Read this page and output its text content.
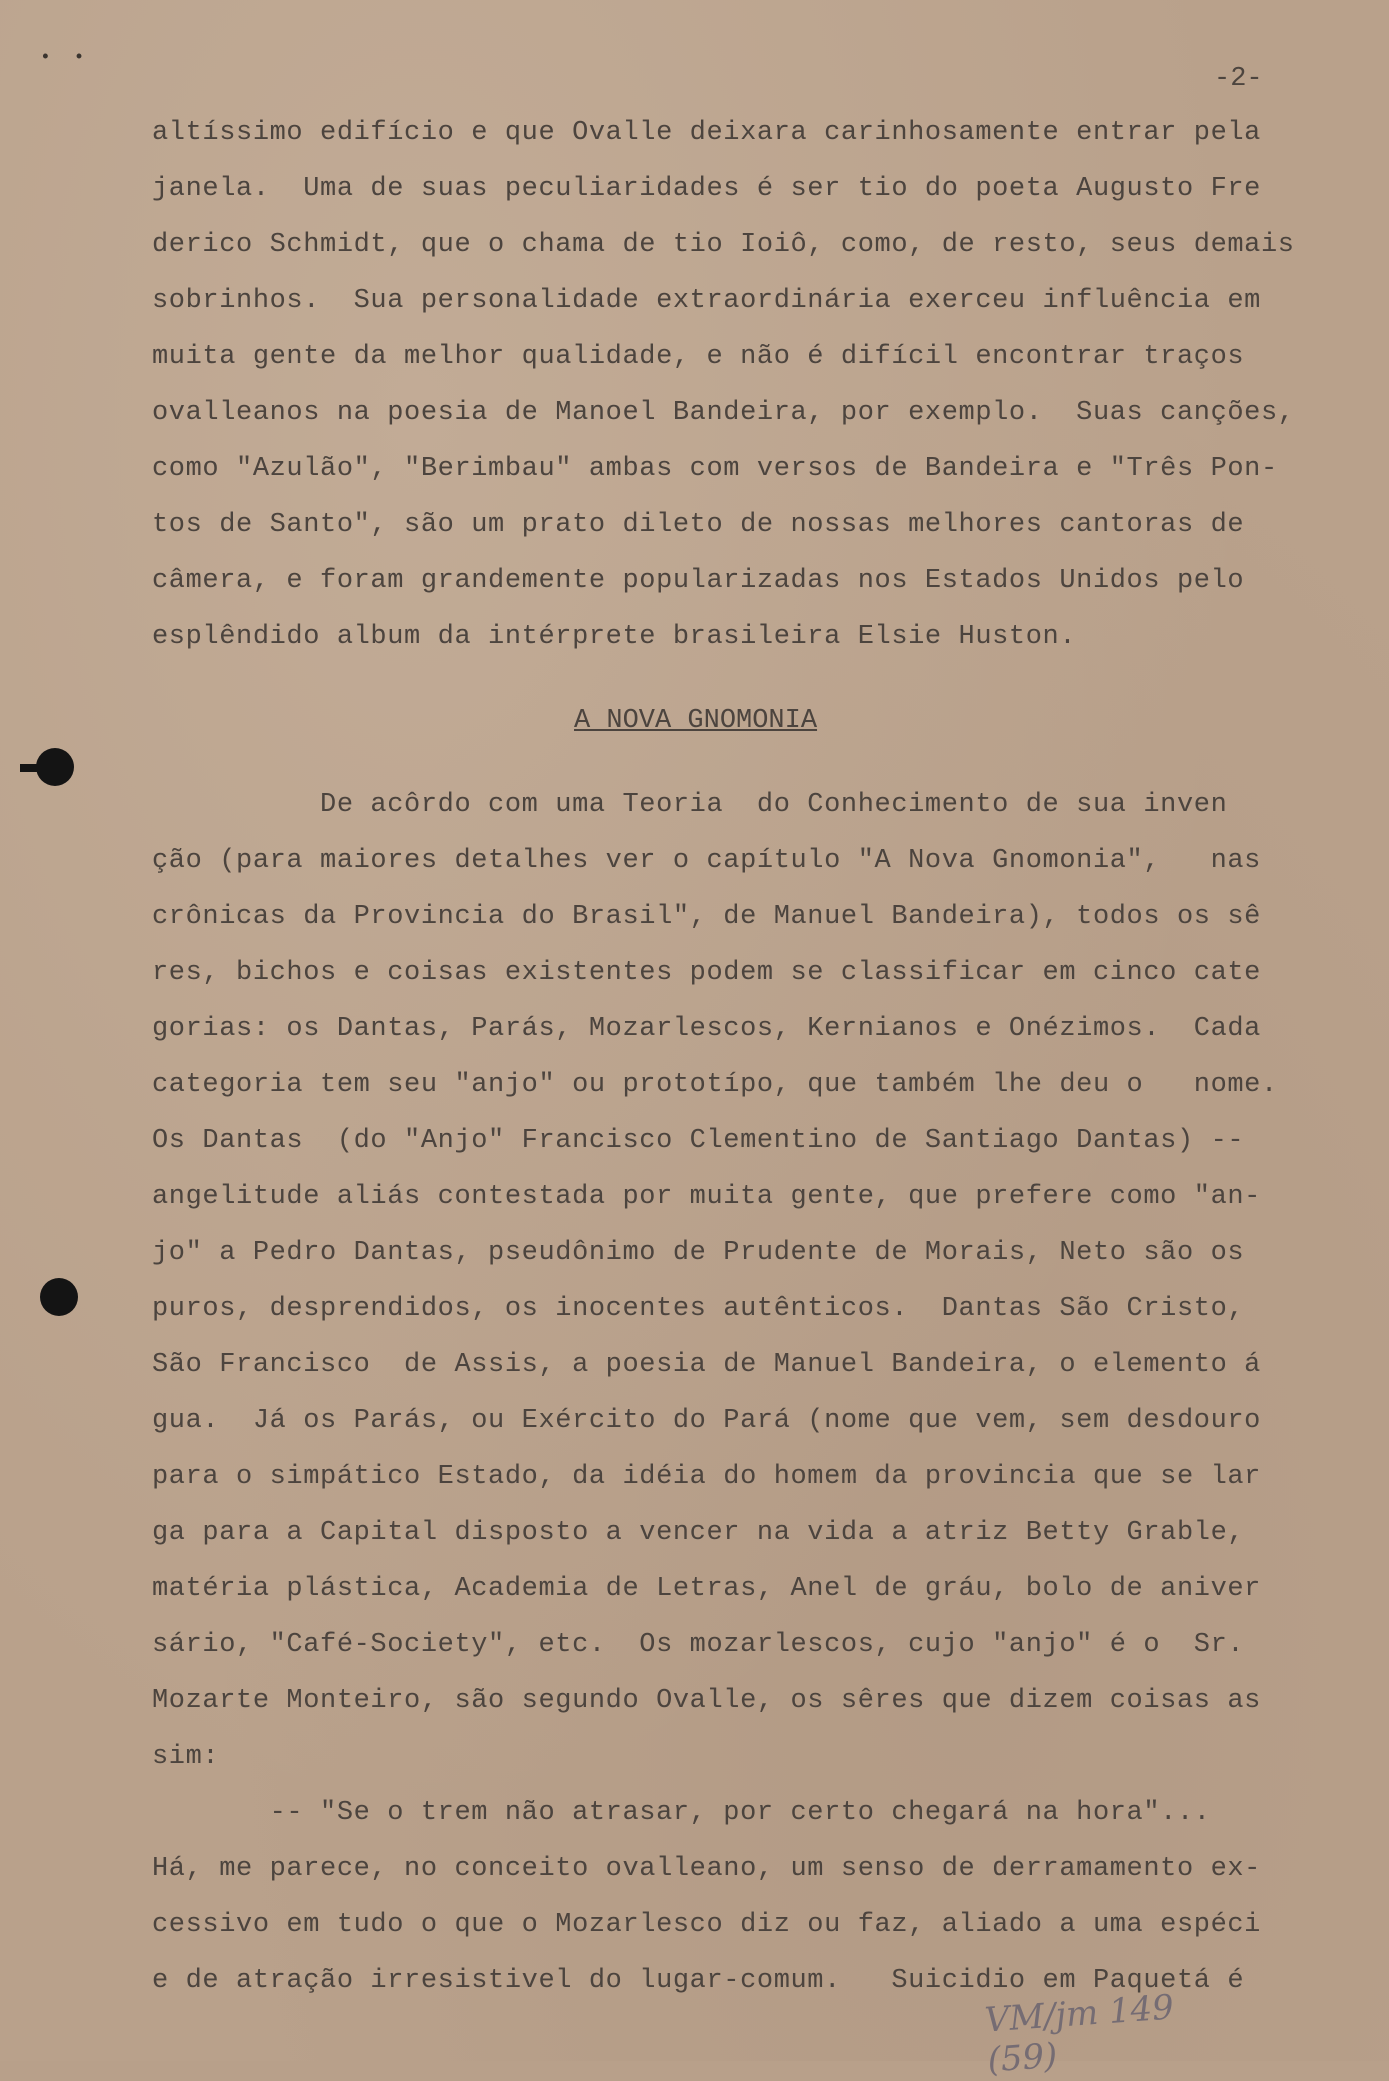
• •
-2-
altíssimo edifício e que Ovalle deixara carinhosamente entrar pela
janela.  Uma de suas peculiaridades é ser tio do poeta Augusto Fre
derico Schmidt, que o chama de tio Ioiô, como, de resto, seus demais
sobrinhos.  Sua personalidade extraordinária exerceu influência em
muita gente da melhor qualidade, e não é difícil encontrar traços
ovalleanos na poesia de Manoel Bandeira, por exemplo.  Suas canções,
como "Azulão", "Berimbau" ambas com versos de Bandeira e "Três Pon-
tos de Santo", são um prato dileto de nossas melhores cantoras de
câmera, e foram grandemente popularizadas nos Estados Unidos pelo
esplêndido album da intérprete brasileira Elsie Huston.
A NOVA GNOMONIA
De acôrdo com uma Teoria  do Conhecimento de sua inven
ção (para maiores detalhes ver o capítulo "A Nova Gnomonia",   nas
crônicas da Provincia do Brasil", de Manuel Bandeira), todos os sê
res, bichos e coisas existentes podem se classificar em cinco cate
gorias: os Dantas, Parás, Mozarlescos, Kernianos e Onézimos.  Cada
categoria tem seu "anjo" ou prototípo, que também lhe deu o   nome.
Os Dantas  (do "Anjo" Francisco Clementino de Santiago Dantas) --
angelitude aliás contestada por muita gente, que prefere como "an-
jo" a Pedro Dantas, pseudônimo de Prudente de Morais, Neto são os
puros, desprendidos, os inocentes autênticos.  Dantas São Cristo,
São Francisco  de Assis, a poesia de Manuel Bandeira, o elemento á
gua.  Já os Parás, ou Exército do Pará (nome que vem, sem desdouro
para o simpático Estado, da idéia do homem da provincia que se lar
ga para a Capital disposto a vencer na vida a atriz Betty Grable,
matéria plástica, Academia de Letras, Anel de gráu, bolo de aniver
sário, "Café-Society", etc.  Os mozarlescos, cujo "anjo" é o  Sr.
Mozarte Monteiro, são segundo Ovalle, os sêres que dizem coisas as
sim:
-- "Se o trem não atrasar, por certo chegará na hora"...
Há, me parece, no conceito ovalleano, um senso de derramamento ex-
cessivo em tudo o que o Mozarlesco diz ou faz, aliado a uma espéci
e de atração irresistivel do lugar-comum.   Suicidio em Paquetá é
VM/jm 149
(59)
